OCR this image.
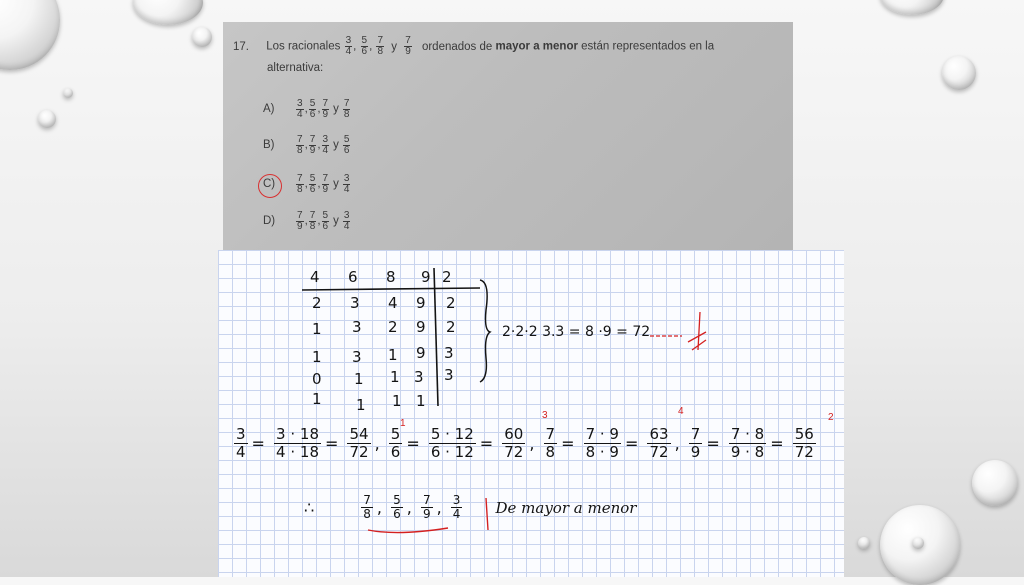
17. Los racionales $\frac{3}{4}$ , $\frac{5}{6}$ , $\frac{7}{8}$ y $\frac{7}{9}$ ordenados de mayor a menor están representados en la
alternativa:
A)	$\frac{3}{4}$ , $\frac{5}{6}$ , $\frac{7}{9}$ y $\frac{7}{8}$
B)	$\frac{7}{8}$ , $\frac{7}{9}$ , $\frac{3}{4}$ y $\frac{5}{6}$
C)	$\frac{7}{8}$ , $\frac{5}{6}$ , $\frac{7}{9}$ y $\frac{3}{4}$
D)	$\frac{7}{9}$ , $\frac{7}{8}$ , $\frac{5}{6}$ y $\frac{3}{4}$
4 6 8 9 2
2 3 4 9 2
1 3 2 9 2
1 3 1 9 3
0 1 1 3 3
1 1 1 1
2·2·2 3.3 = 8 ·9 = 72
1
3	4
2
$\frac{3}{4} = \frac{3 \cdot 18}{4 \cdot 18} = \frac{54}{72}$ , $\frac{5}{6} = \frac{5 \cdot 12}{6 \cdot 12} = \frac{60}{72}$ , $\frac{7}{8} = \frac{7 \cdot 9}{8 \cdot 9} = \frac{63}{72}$ , $\frac{7}{9} = \frac{7 \cdot 8}{9 \cdot 8} = \frac{56}{72}$
∴	$\frac{7}{8}$ , $\frac{5}{6}$ , $\frac{7}{9}$ , $\frac{3}{4}$ De mayor a menor
